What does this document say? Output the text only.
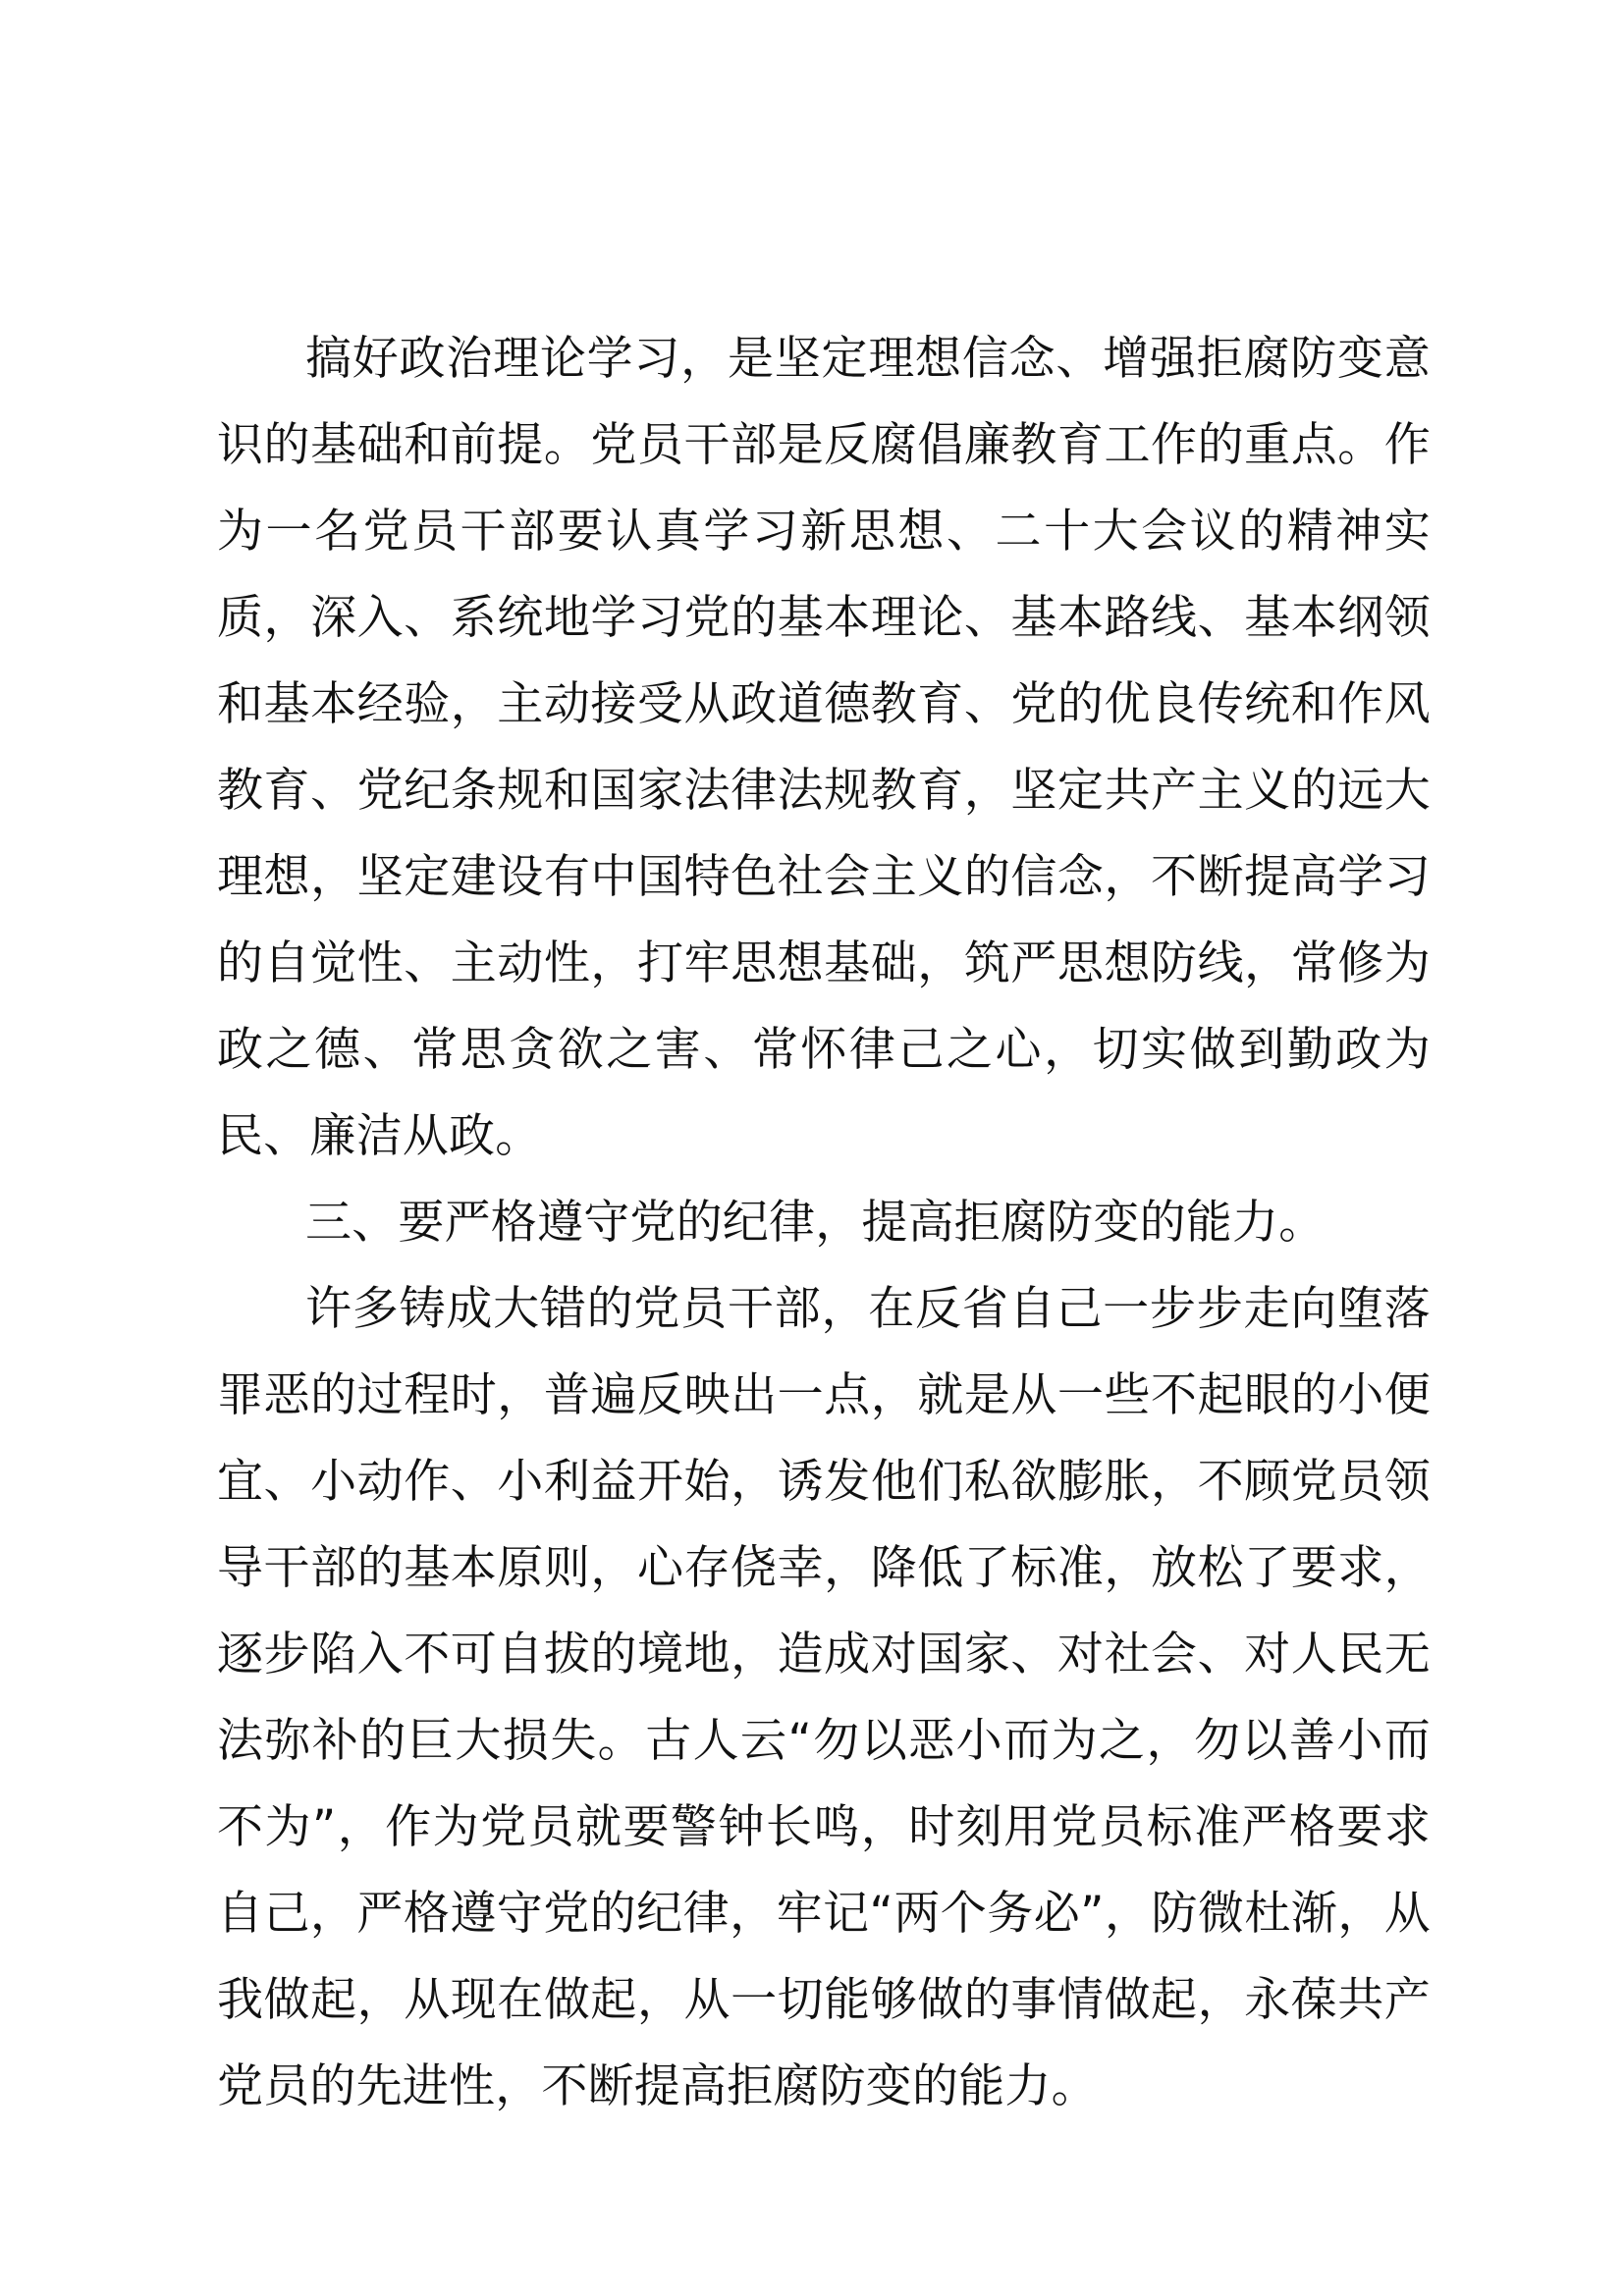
搞好政治理论学习，是坚定理想信念、增强拒腐防变意识的基础和前提。党员干部是反腐倡廉教育工作的重点。作为一名党员干部要认真学习新思想、二十大会议的精神实质，深入、系统地学习党的基本理论、基本路线、基本纲领和基本经验，主动接受从政道德教育、党的优良传统和作风教育、党纪条规和国家法律法规教育，坚定共产主义的远大理想，坚定建设有中国特色社会主义的信念，不断提高学习的自觉性、主动性，打牢思想基础，筑严思想防线，常修为政之德、常思贪欲之害、常怀律己之心，切实做到勤政为民、廉洁从政。

三、要严格遵守党的纪律，提高拒腐防变的能力。

许多铸成大错的党员干部，在反省自己一步步走向堕落罪恶的过程时，普遍反映出一点，就是从一些不起眼的小便宜、小动作、小利益开始，诱发他们私欲膨胀，不顾党员领导干部的基本原则，心存侥幸，降低了标准，放松了要求，逐步陷入不可自拔的境地，造成对国家、对社会、对人民无法弥补的巨大损失。古人云“勿以恶小而为之，勿以善小而不为”，作为党员就要警钟长鸣，时刻用党员标准严格要求自己，严格遵守党的纪律，牢记“两个务必”，防微杜渐，从我做起，从现在做起，从一切能够做的事情做起，永葆共产党员的先进性，不断提高拒腐防变的能力。
